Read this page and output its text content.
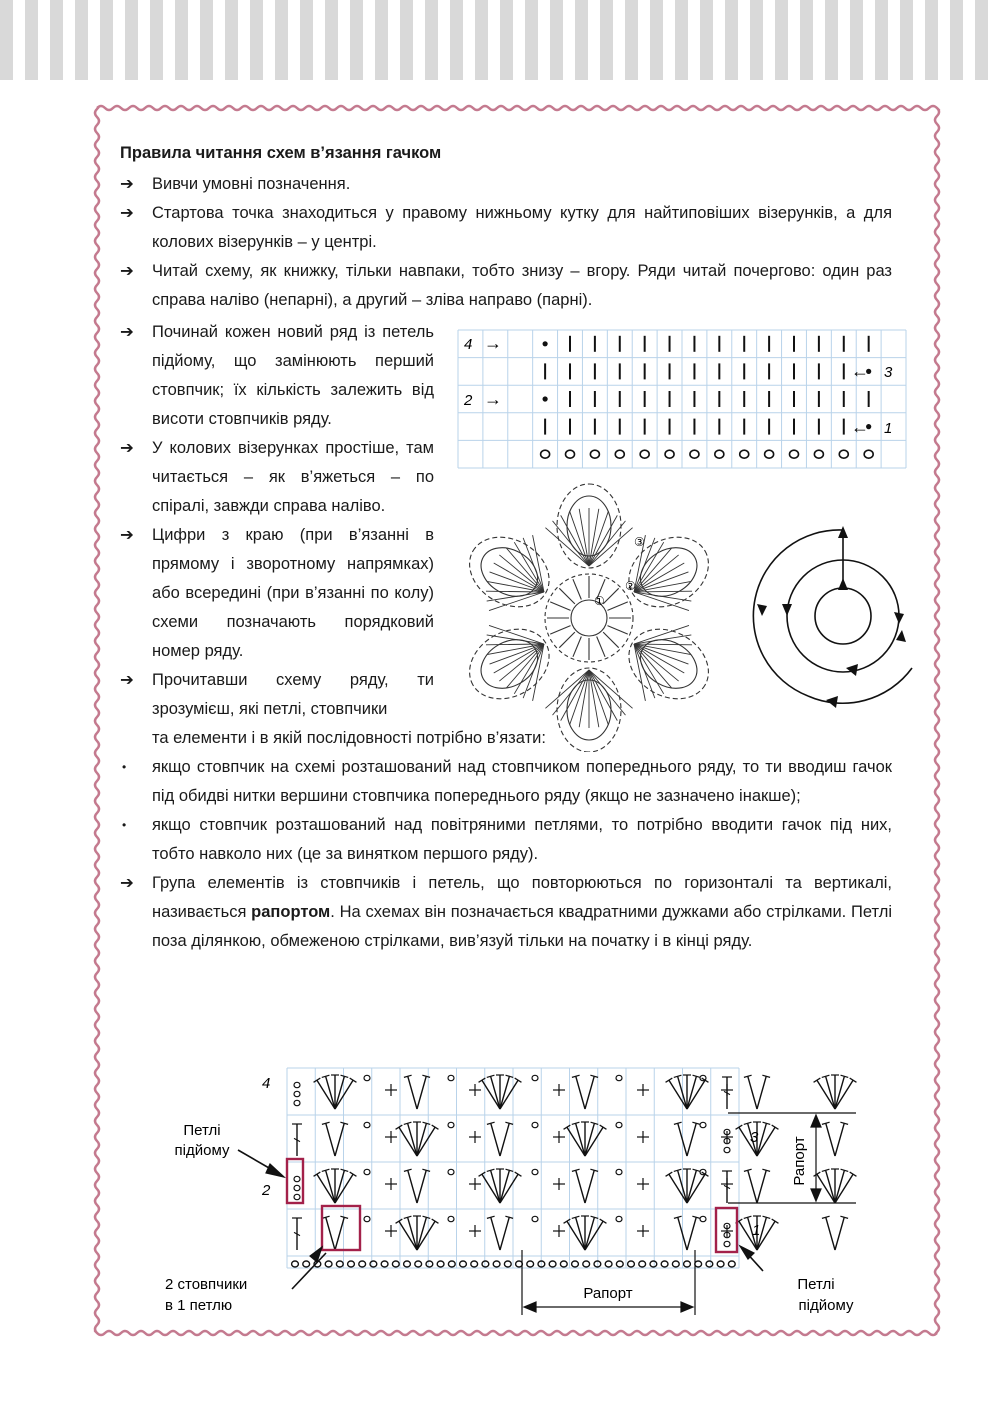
Правила читання схем в’язання гачком

➔ Вивчи умовні позначення.

➔ Стартова точка знаходиться у правому нижньому кутку для найтиповіших візерунків, а для колових візерунків – у центрі.

➔ Читай схему, як книжку, тільки навпаки, тобто знизу – вгору. Ряди читай почергово: один раз справа наліво (непарні), а другий – зліва направо (парні).

➔ Починай кожен новий ряд із петель підйому, що замінюють перший стовпчик; їх кількість залежить від висоти стовпчиків ряду.

➔ У колових візерунках простіше, там читається – як в’яжеться – по спіралі, завжди справа наліво.

➔ Цифри з краю (при в’язанні в прямому і зворотному напрямках) або всередині (при в’язанні по колу) схеми позначають порядковий номер ряду.

➔ Прочитавши схему ряду, ти зрозумієш, які петлі, стовпчики

та елементи і в якій послідовності потрібно в’язати:

• якщо стовпчик на схемі розташований над стовпчиком попереднього ряду, то ти вводиш гачок під обидві нитки вершини стовпчика попереднього ряду (якщо не зазначено інакше);

• якщо стовпчик розташований над повітряними петлями, то потрібно вводити гачок під них, тобто навколо них (це за винятком першого ряду).

➔ Група елементів із стовпчиків і петель, що повторюються по горизонталі та вертикалі, називається рапортом. На схемах він позначається квадратними дужками або стрілками. Петлі поза ділянкою, обмеженою стрілками, вив’язуй тільки на початку і в кінці ряду.

4 →
← 3
2 →
← 1
①
②
③
4
3
2
1
Петлі
підйому
Петлі
підйому
2 стовпчики
в 1 петлю
Рапорт
Рапорт
